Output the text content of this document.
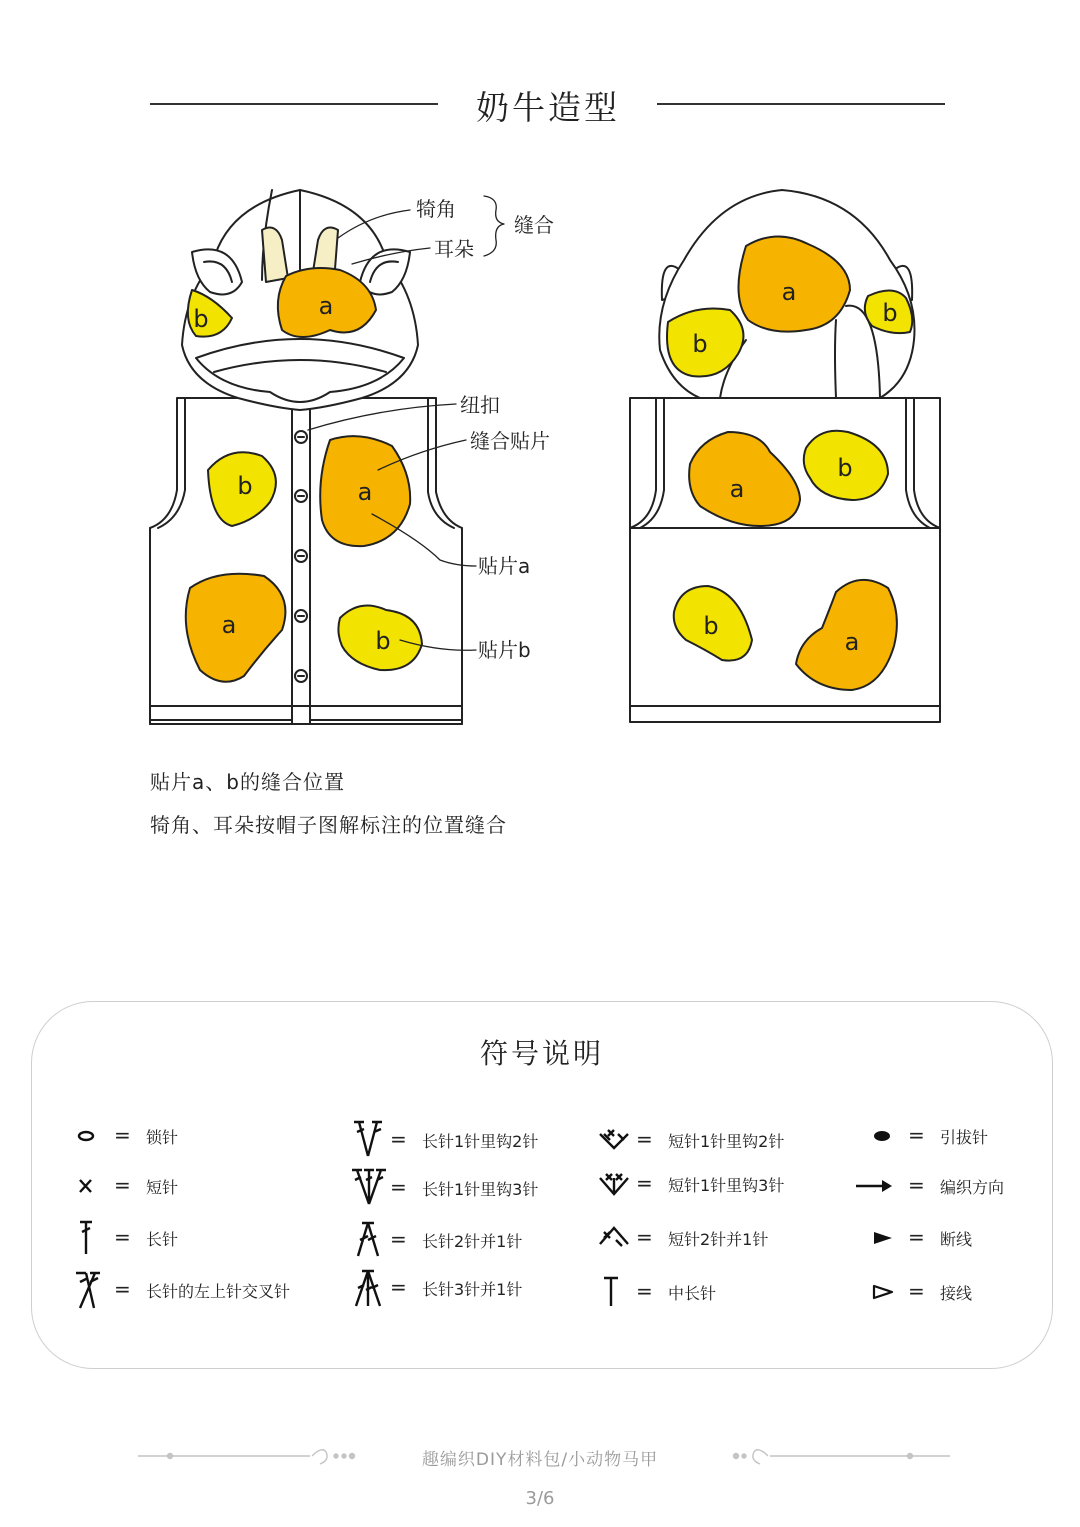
奶牛造型
犄角
耳朵
缝合
纽扣
缝合贴片
贴片a
贴片b
a
b
b	a
a
b
a
b
b
a
b
b
a
贴片a、b的缝合位置
犄角、耳朵按帽子图解标注的位置缝合
符号说明
= 锁针
= 短针
= 长针
= 长针的左上针交叉针
= 长针1针里钩2针
= 长针1针里钩3针
= 长针2针并1针
= 长针3针并1针
= 短针1针里钩2针
= 短针1针里钩3针
= 短针2针并1针
= 中长针
= 引拔针
= 编织方向
= 断线
= 接线
趣编织DIY材料包/小动物马甲
3/6
